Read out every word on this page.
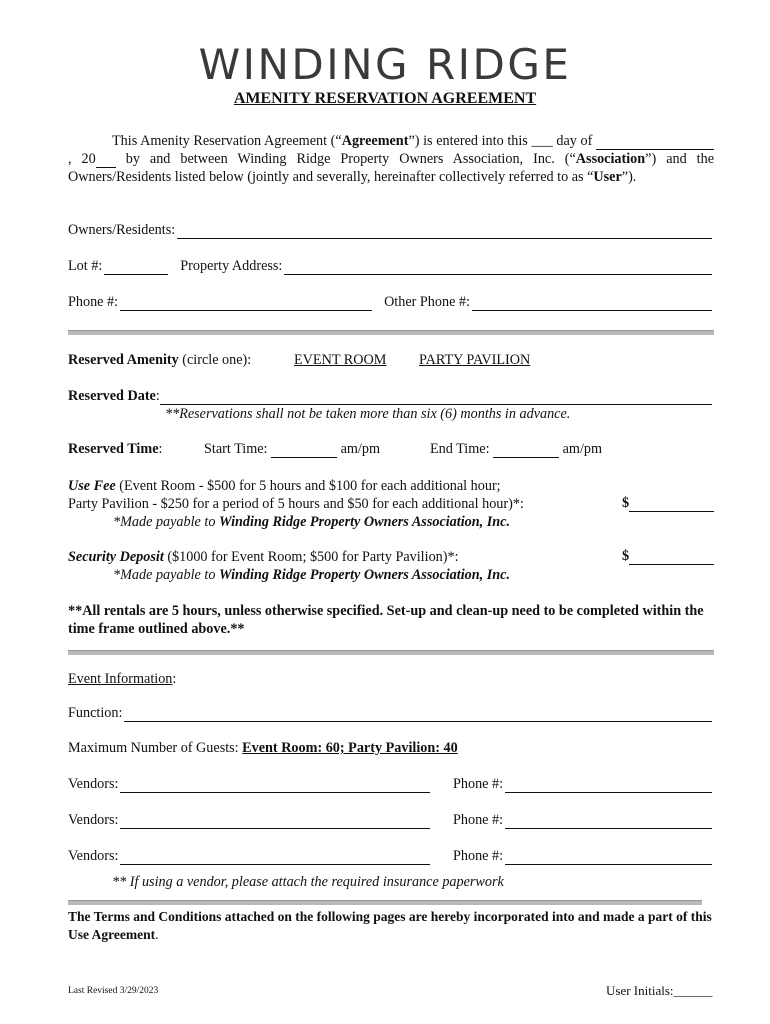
WINDING RIDGE
AMENITY RESERVATION AGREEMENT
This Amenity Reservation Agreement (“Agreement”) is entered into this ___ day of , 20 by and between Winding Ridge Property Owners Association, Inc. (“Association”) and the Owners/Residents listed below (jointly and severally, hereinafter collectively referred to as “User”).
Owners/Residents:
Lot #:	Property Address:
Phone #:	Other Phone #:
Reserved Amenity (circle one):	EVENT ROOM PARTY PAVILION
Reserved Date :
**Reservations shall not be taken more than six (6) months in advance.
Reserved Time:	Start Time:	am/pm	End Time:	am/pm
Use Fee (Event Room - $500 for 5 hours and $100 for each additional hour;
Party Pavilion - $250 for a period of 5 hours and $50 for each additional hour)*:
*Made payable to Winding Ridge Property Owners Association, Inc.
$
Security Deposit ($1000 for Event Room; $500 for Party Pavilion)*:
*Made payable to Winding Ridge Property Owners Association, Inc.
$
**All rentals are 5 hours, unless otherwise specified. Set-up and clean-up need to be completed within the time frame outlined above.**
Event Information:
Function:
Maximum Number of Guests: Event Room: 60; Party Pavilion: 40
Vendors:	Phone #:
Vendors:	Phone #:
Vendors:	Phone #:
** If using a vendor, please attach the required insurance paperwork
The Terms and Conditions attached on the following pages are hereby incorporated into and made a part of this Use Agreement.
Last Revised 3/29/2023	User Initials:______
